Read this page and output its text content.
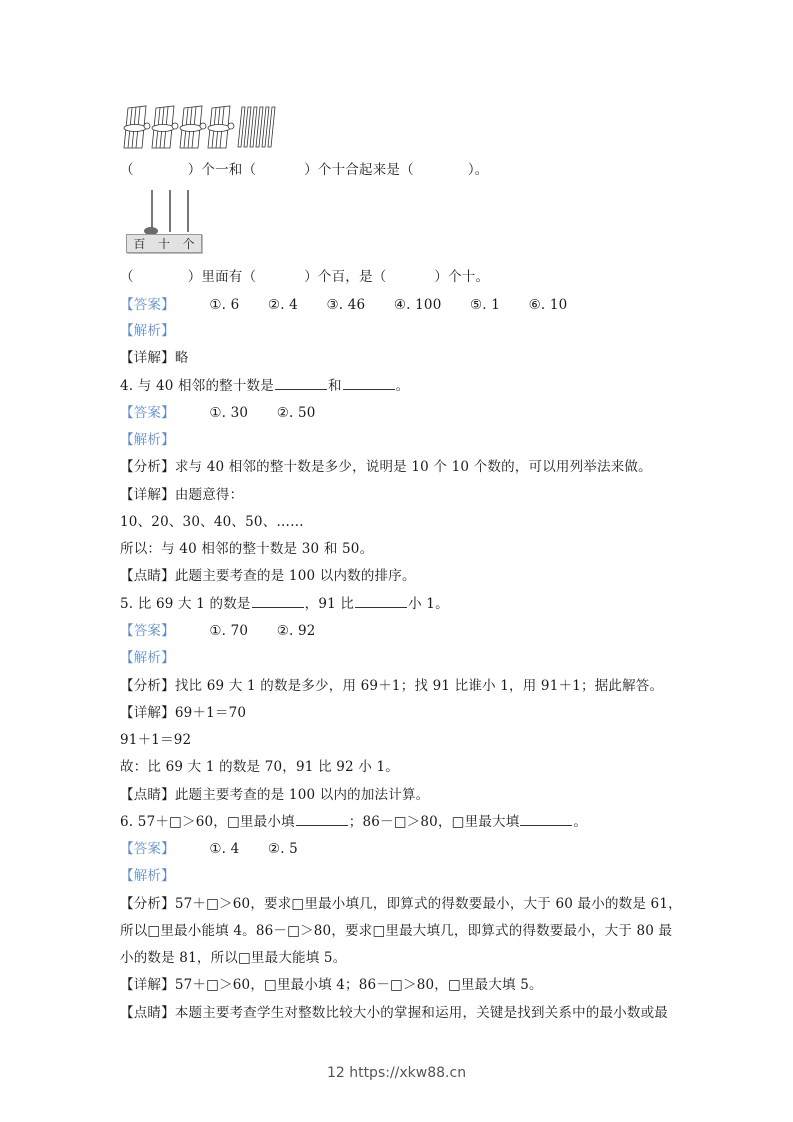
（	）个一和（	）个十合起来是（	）。
百 十 个
（	）里面有（	）个百，是（	）个十。
【答案】	①. 6 ②. 4 ③. 46 ④. 100 ⑤. 1 ⑥. 10
【解析】
【详解】略
4. 与 40 相邻的整十数是	和	。
【答案】	①. 30 ②. 50
【解析】
【分析】求与 40 相邻的整十数是多少，说明是 10 个 10 个数的，可以用列举法来做。
【详解】由题意得：
10、20、30、40、50、……
所以：与 40 相邻的整十数是 30 和 50。
【点睛】此题主要考查的是 100 以内数的排序。
5. 比 69 大 1 的数是	，91 比	小 1。
【答案】	①. 70 ②. 92
【解析】
【分析】找比 69 大 1 的数是多少，用 69＋1；找 91 比谁小 1，用 91＋1；据此解答。
【详解】69＋1＝70
91＋1＝92
故：比 69 大 1 的数是 70，91 比 92 小 1。
【点睛】此题主要考查的是 100 以内的加法计算。
6. 57＋□＞60，□里最小填	；86－□＞80，□里最大填	。
【答案】	①. 4 ②. 5
【解析】
【分析】57＋□＞60，要求□里最小填几，即算式的得数要最小，大于 60 最小的数是 61，
所以□里最小能填 4。86－□＞80，要求□里最大填几，即算式的得数要最小，大于 80 最
小的数是 81，所以□里最大能填 5。
【详解】57＋□＞60，□里最小填 4；86－□＞80，□里最大填 5。
【点睛】本题主要考查学生对整数比较大小的掌握和运用，关键是找到关系中的最小数或最
12 https://xkw88.cn
